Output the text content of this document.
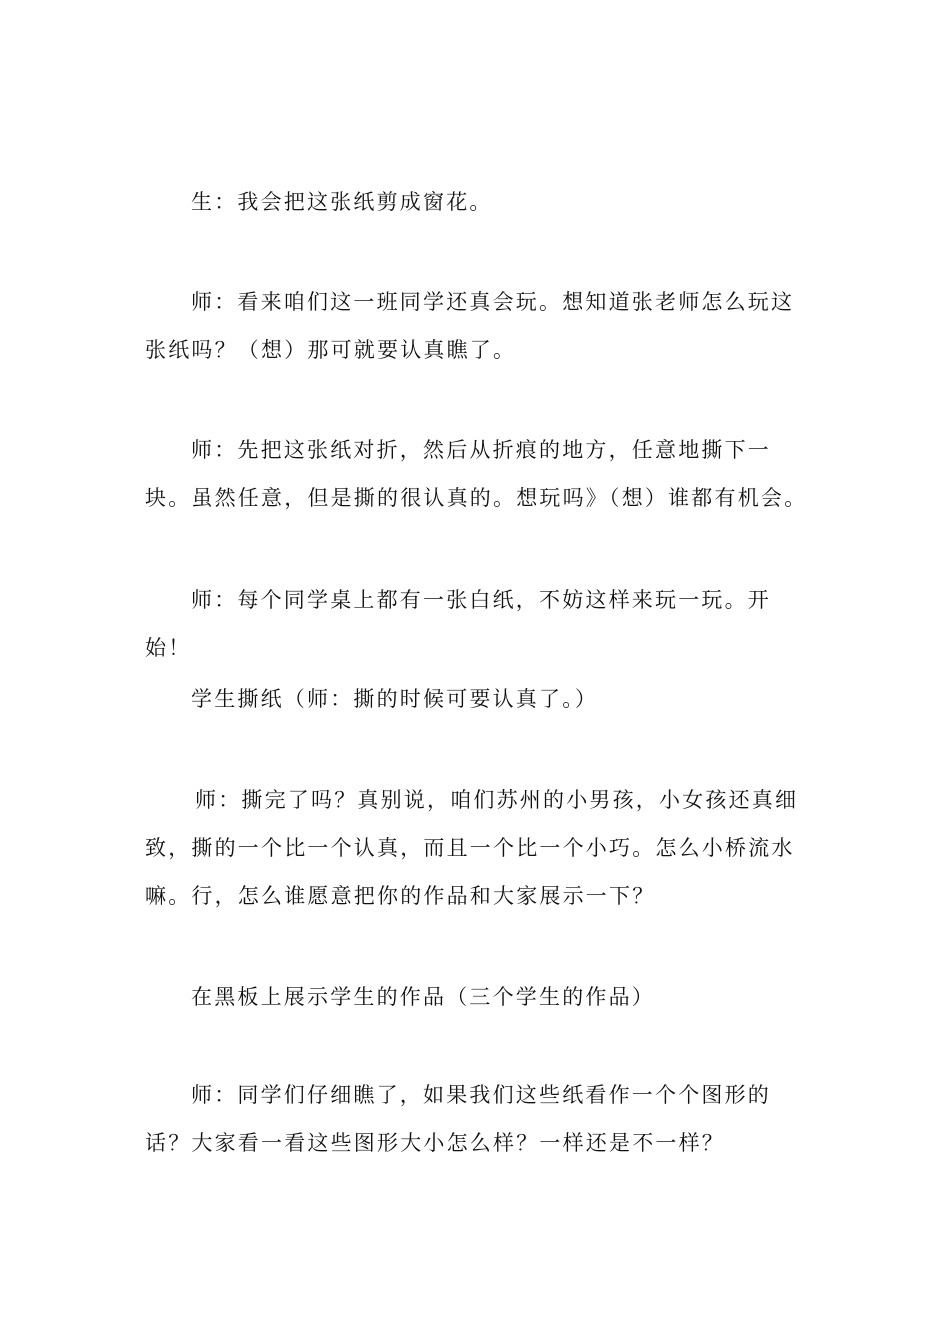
生：我会把这张纸剪成窗花。

师：看来咱们这一班同学还真会玩。想知道张老师怎么玩这张纸吗？（想）那可就要认真瞧了。

师：先把这张纸对折，然后从折痕的地方，任意地撕下一块。虽然任意，但是撕的很认真的。想玩吗》（想）谁都有机会。

师：每个同学桌上都有一张白纸，不妨这样来玩一玩。开始！

学生撕纸（师：撕的时候可要认真了。）

师：撕完了吗？真别说，咱们苏州的小男孩，小女孩还真细致，撕的一个比一个认真，而且一个比一个小巧。怎么小桥流水嘛。行，怎么谁愿意把你的作品和大家展示一下？

在黑板上展示学生的作品（三个学生的作品）

师：同学们仔细瞧了，如果我们这些纸看作一个个图形的话？大家看一看这些图形大小怎么样？一样还是不一样？
